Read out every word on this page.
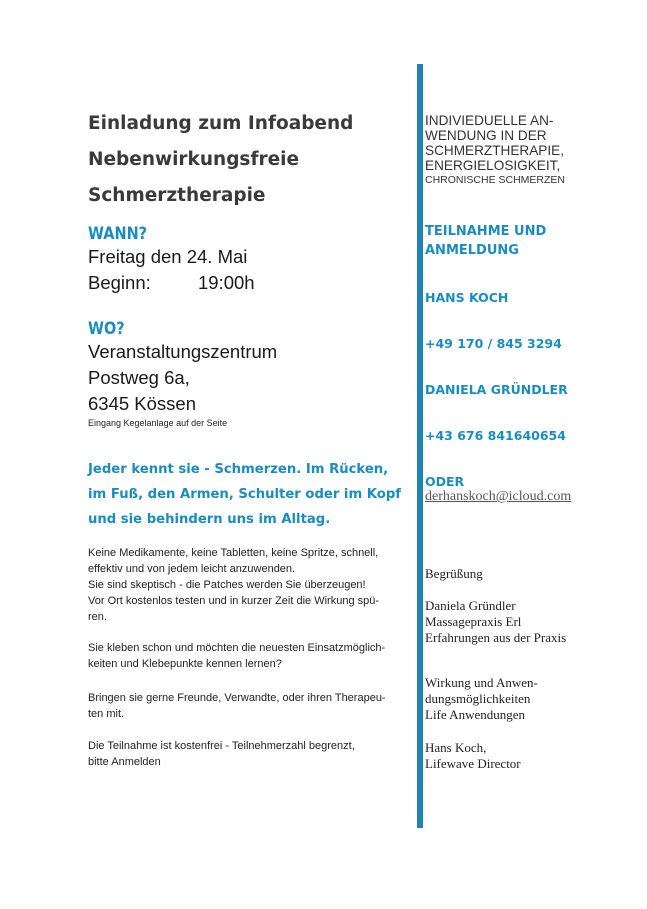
Einladung zum Infoabend
Nebenwirkungsfreie
Schmerztherapie
WANN?
Freitag den 24. Mai
Beginn:	19:00h
WO?
Veranstaltungszentrum
Postweg 6a,
6345 Kössen
Eingang Kegelanlage auf der Seite
Jeder kennt sie - Schmerzen. Im Rücken, im Fuß, den Armen, Schulter oder im Kopf und sie behindern uns im Alltag.
Keine Medikamente, keine Tabletten, keine Spritze, schnell,
effektiv und von jedem leicht anzuwenden.
Sie sind skeptisch - die Patches werden Sie überzeugen!
Vor Ort kostenlos testen und in kurzer Zeit die Wirkung spü-
ren.
Sie kleben schon und möchten die neuesten Einsatzmöglich-
keiten und Klebepunkte kennen lernen?
Bringen sie gerne Freunde, Verwandte, oder ihren Therapeu-
ten mit.
Die Teilnahme ist kostenfrei - Teilnehmerzahl begrenzt,
bitte Anmelden
INDIVIEDUELLE AN-
WENDUNG IN DER
SCHMERZTHERAPIE,
ENERGIELOSIGKEIT,
CHRONISCHE SCHMERZEN
TEILNAHME UND
ANMELDUNG
HANS KOCH
+49 170 / 845 3294
DANIELA GRÜNDLER
+43 676 841640654
ODER
derhanskoch@icloud.com
Begrüßung
Daniela Gründler
Massagepraxis Erl
Erfahrungen aus der Praxis
Wirkung und Anwen-
dungsmöglichkeiten
Life Anwendungen
Hans Koch,
Lifewave Director
